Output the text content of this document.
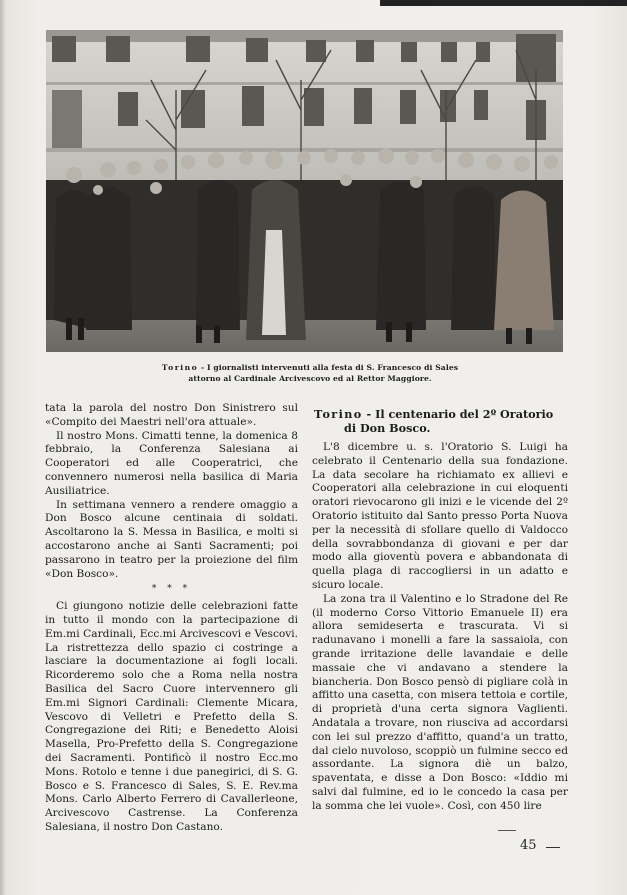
Torino - I giornalisti intervenuti alla festa di S. Francesco di Sales
attorno al Cardinale Arcivescovo ed al Rettor Maggiore.

tata la parola del nostro Don Sinistrero sul «Compito dei Maestri nell'ora attuale».

Il nostro Mons. Cimatti tenne, la domenica 8 febbraio, la Conferenza Salesiana ai Cooperatori ed alle Cooperatrici, che convennero numerosi nella basilica di Maria Ausiliatrice.

In settimana vennero a rendere omaggio a Don Bosco alcune centinaia di soldati. Ascoltarono la S. Messa in Basilica, e molti si accostarono anche ai Santi Sacramenti; poi passarono in teatro per la proiezione del film «Don Bosco».

* * *

Ci giungono notizie delle celebrazioni fatte in tutto il mondo con la partecipazione di Em.mi Cardinali, Ecc.mi Arcivescovi e Vescovi. La ristrettezza dello spazio ci costringe a lasciare la documentazione ai fogli locali. Ricorderemo solo che a Roma nella nostra Basilica del Sacro Cuore intervennero gli Em.mi Signori Cardinali: Clemente Micara, Vescovo di Velletri e Prefetto della S. Congregazione dei Riti; e Benedetto Aloisi Masella, Pro-Prefetto della S. Congregazione dei Sacramenti. Pontificò il nostro Ecc.mo Mons. Rotolo e tenne i due panegirici, di S. G. Bosco e S. Francesco di Sales, S. E. Rev.ma Mons. Carlo Alberto Ferrero di Cavallerleone, Arcivescovo Castrense. La Conferenza Salesiana, il nostro Don Castano.

Torino - Il centenario del 2º Oratorio
di Don Bosco.

L'8 dicembre u. s. l'Oratorio S. Luigi ha celebrato il Centenario della sua fondazione. La data secolare ha richiamato ex allievi e Cooperatori alla celebrazione in cui eloquenti oratori rievocarono gli inizi e le vicende del 2º Oratorio istituito dal Santo presso Porta Nuova per la necessità di sfollare quello di Valdocco della sovrabbondanza di giovani e per dar modo alla gioventù povera e abbandonata di quella plaga di raccogliersi in un adatto e sicuro locale.

La zona tra il Valentino e lo Stradone del Re (il moderno Corso Vittorio Emanuele II) era allora semideserta e trascurata. Vi si radunavano i monelli a fare la sassaiola, con grande irritazione delle lavandaie e delle massaie che vi andavano a stendere la biancheria. Don Bosco pensò di pigliare colà in affitto una casetta, con misera tettoia e cortile, di proprietà d'una certa signora Vaglienti. Andatala a trovare, non riusciva ad accordarsi con lei sul prezzo d'affitto, quand'a un tratto, dal cielo nuvoloso, scoppiò un fulmine secco ed assordante. La signora diè un balzo, spaventata, e disse a Don Bosco: «Iddio mi salvi dal fulmine, ed io le concedo la casa per la somma che lei vuole». Così, con 450 lire

45
